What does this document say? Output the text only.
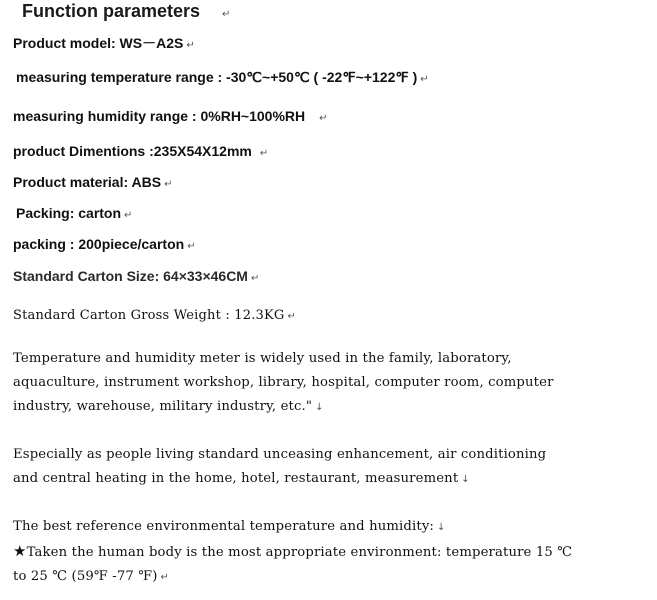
Function parameters ↵
Product model: WS－A2S ↵
measuring temperature range : -30℃~+50℃ ( -22℉~+122℉ ) ↵
measuring humidity range : 0%RH~100%RH ↵
product Dimentions :235X54X12mm ↵
Product material: ABS ↵
Packing: carton ↵
packing : 200piece/carton ↵
Standard Carton Size: 64×33×46CM ↵
Standard Carton Gross Weight : 12.3KG ↵
Temperature and humidity meter is widely used in the family, laboratory, aquaculture, instrument workshop, library, hospital, computer room, computer industry, warehouse, military industry, etc." ↓
Especially as people living standard unceasing enhancement, air conditioning and central heating in the home, hotel, restaurant, measurement ↓
The best reference environmental temperature and humidity: ↓
★Taken the human body is the most appropriate environment: temperature 15 ℃ to 25 ℃ (59℉ -77 ℉) ↵
